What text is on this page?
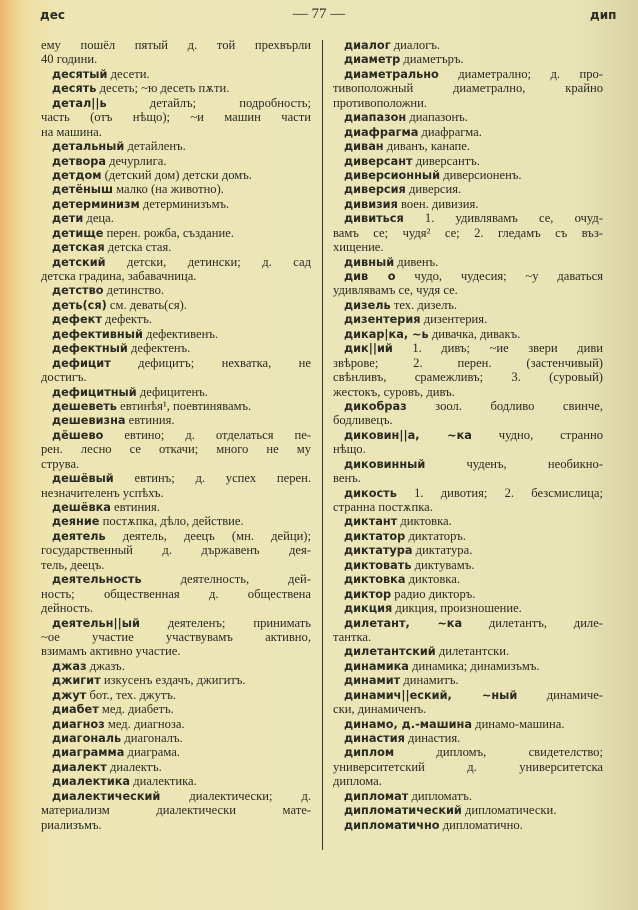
дес	— 77 —	дип
ему пошёл пятый д. той прехвърли
40 години.
десятый десети.
десять десеть; ~ю десеть пѫти.
детал||ь	детайлъ; подробность;
часть (отъ нѣщо); ~и машин части
на машина.
детальный детайленъ.
детвора дечурлига.
детдом (детский дом) детски домъ.
детёныш малко (на животно).
детерминизм детерминизъмъ.
дети деца.
детище перен. рожба, създание.
детская детска стая.
детский детски, детински; д. сад
детска градина, забавачница.
детство детинство.
деть(ся) см. девать(ся).
дефект дефектъ.
дефективный дефективенъ.
дефектный дефектенъ.
дефицит дефицитъ; нехватка, не
достигъ.
дефицитный дефицитенъ.
дешеветь евтинѣя¹, поевтинявамъ.
дешевизна евтиния.
дёшево евтино; д. отделаться пе-
рен. лесно се откачи; много не му
струва.
дешёвый евтинъ; д. успех перен.
незначителенъ успѣхъ.
дешёвка евтиния.
деяние постѫпка, дѣло, действие.
деятель деятель, деецъ (мн. дейци);
государственный д. държавенъ дея-
тель, деецъ.
деятельность	деятелность, дей-
ность; общественная д. обществена
дейность.
деятельн||ый деятеленъ; принимать
~ое участие участвувамъ активно,
взимамъ активно участие.
джаз джазъ.
джигит изкусенъ ездачъ, джигитъ.
джут бот., тех. джутъ.
диабет мед. диабетъ.
диагноз мед. диагноза.
диагональ диагоналъ.
диаграмма диаграма.
диалект диалектъ.
диалектика диалектика.
диалектический диалектически; д.
материализм диалектически мате-
риализъмъ.
диалог диалогъ.
диаметр диаметъръ.
диаметрально диаметрално; д. про-
тивоположный диаметрално, крайно
противоположни.
диапазон диапазонъ.
диафрагма диафрагма.
диван диванъ, канапе.
диверсант диверсантъ.
диверсионный диверсионенъ.
диверсия диверсия.
дивизия воен. дивизия.
дивиться 1. удивлявамъ се, очуд-
вамъ се; чудя² се; 2. гледамъ съ въз-
хищение.
дивный дивенъ.
див о чудо, чудесия; ~у даваться
удивлявамъ се, чудя се.
дизель тех. дизелъ.
дизентерия дизентерия.
дикар|ка, ~ь дивачка, дивакъ.
дик||ий 1. дивъ; ~ие звери диви
звѣрове; 2. перен. (застенчивый)
свѣнливъ, срамежливъ; 3. (суровый)
жестокъ, суровъ, дивъ.
дикобраз зоол. бодливо свинче,
бодливецъ.
диковин||а, ~ка чудно, странно
нѣщо.
диковинный	чуденъ, необикно-
венъ.
дикость 1. дивотия; 2. безсмислица;
странна постѫпка.
диктант диктовка.
диктатор диктаторъ.
диктатура диктатура.
диктовать диктувамъ.
диктовка диктовка.
диктор радио дикторъ.
дикция дикция, произношение.
дилетант, ~ка дилетантъ, диле-
тантка.
дилетантский дилетантски.
динамика динамика; динамизъмъ.
динамит динамитъ.
динамич||еский, ~ный динамиче-
ски, динамиченъ.
динамо, д.-машина динамо-машина.
династия династия.
диплом	дипломъ, свидетелство;
университетский д. университетска
диплома.
дипломат дипломатъ.
дипломатический дипломатически.
дипломатично дипломатично.
